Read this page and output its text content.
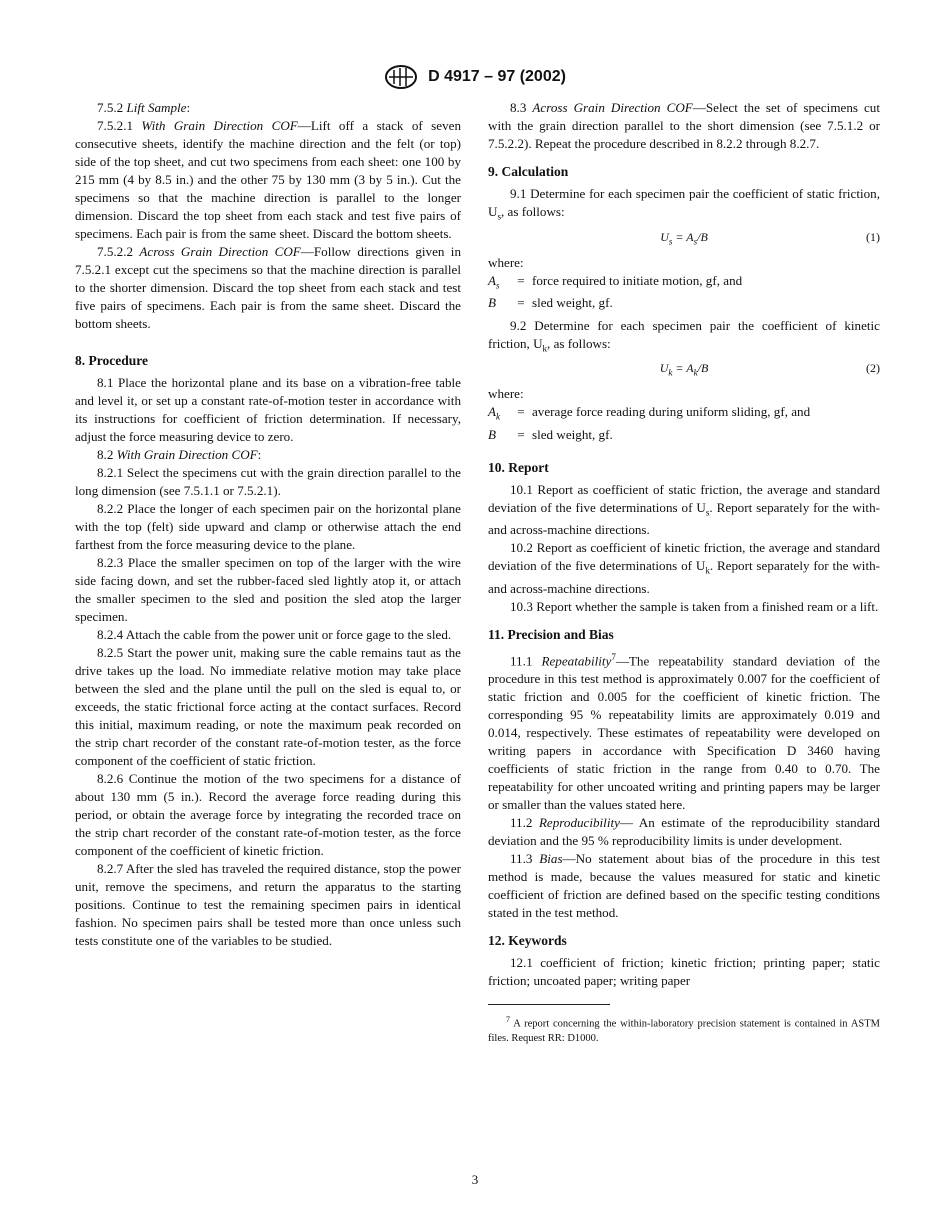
D 4917 – 97 (2002)

7.5.2 Lift Sample:

7.5.2.1 With Grain Direction COF—Lift off a stack of seven consecutive sheets, identify the machine direction and the felt (or top) side of the top sheet, and cut two specimens from each sheet: one 100 by 215 mm (4 by 8.5 in.) and the other 75 by 130 mm (3 by 5 in.). Cut the specimens so that the machine direction is parallel to the longer dimension. Discard the top sheet from each stack and test five pairs of specimens. Each pair is from the same sheet. Discard the bottom sheets.

7.5.2.2 Across Grain Direction COF—Follow directions given in 7.5.2.1 except cut the specimens so that the machine direction is parallel to the shorter dimension. Discard the top sheet from each stack and test five pairs of specimens. Each pair is from the same sheet. Discard the bottom sheets.

8. Procedure

8.1 Place the horizontal plane and its base on a vibration-free table and level it, or set up a constant rate-of-motion tester in accordance with its instructions for coefficient of friction determination. If necessary, adjust the force measuring device to zero.

8.2 With Grain Direction COF:

8.2.1 Select the specimens cut with the grain direction parallel to the long dimension (see 7.5.1.1 or 7.5.2.1).

8.2.2 Place the longer of each specimen pair on the horizontal plane with the top (felt) side upward and clamp or otherwise attach the end farthest from the force measuring device to the plane.

8.2.3 Place the smaller specimen on top of the larger with the wire side facing down, and set the rubber-faced sled lightly atop it, or attach the smaller specimen to the sled and position the sled atop the larger specimen.

8.2.4 Attach the cable from the power unit or force gage to the sled.

8.2.5 Start the power unit, making sure the cable remains taut as the drive takes up the load. No immediate relative motion may take place between the sled and the plane until the pull on the sled is equal to, or exceeds, the static frictional force acting at the contact surfaces. Record this initial, maximum reading, or note the maximum peak recorded on the strip chart recorder of the constant rate-of-motion tester, as the force component of the coefficient of static friction.

8.2.6 Continue the motion of the two specimens for a distance of about 130 mm (5 in.). Record the average force reading during this period, or obtain the average force by integrating the recorded trace on the strip chart recorder of the constant rate-of-motion tester, as the force component of the coefficient of kinetic friction.

8.2.7 After the sled has traveled the required distance, stop the power unit, remove the specimens, and return the apparatus to the starting positions. Continue to test the remaining specimen pairs in identical fashion. No specimen pairs shall be tested more than once unless such tests constitute one of the variables to be studied.

8.3 Across Grain Direction COF—Select the set of specimens cut with the grain direction parallel to the short dimension (see 7.5.1.2 or 7.5.2.2). Repeat the procedure described in 8.2.2 through 8.2.7.

9. Calculation

9.1 Determine for each specimen pair the coefficient of static friction, $U_s$, as follows:

$U_s = A_s/B$	(1)

where:

$A_s$	= force required to initiate motion, gf, and
B	= sled weight, gf.

9.2 Determine for each specimen pair the coefficient of kinetic friction, $U_k$, as follows:

$U_k = A_k/B$	(2)

where:

$A_k$	= average force reading during uniform sliding, gf, and
B	= sled weight, gf.
10. Report

10.1 Report as coefficient of static friction, the average and standard deviation of the five determinations of $U_s$. Report separately for the with- and across-machine directions.

10.2 Report as coefficient of kinetic friction, the average and standard deviation of the five determinations of $U_k$. Report separately for the with- and across-machine directions.

10.3 Report whether the sample is taken from a finished ream or a lift.

11. Precision and Bias

11.1 Repeatability$^7$—The repeatability standard deviation of the procedure in this test method is approximately 0.007 for the coefficient of static friction and 0.005 for the coefficient of kinetic friction. The corresponding 95 % repeatability limits are approximately 0.019 and 0.014, respectively. These estimates of repeatability were developed on writing papers in accordance with Specification D 3460 having coefficients of static friction in the range from 0.40 to 0.70. The repeatability for other uncoated writing and printing papers may be larger or smaller than the values stated here.

11.2 Reproducibility— An estimate of the reproducibility standard deviation and the 95 % reproducibility limits is under development.

11.3 Bias—No statement about bias of the procedure in this test method is made, because the values measured for static and kinetic coefficient of friction are defined based on the specific testing conditions stated in the test method.

12. Keywords

12.1 coefficient of friction; kinetic friction; printing paper; static friction; uncoated paper; writing paper

$^7$ A report concerning the within-laboratory precision statement is contained in ASTM files. Request RR: D1000.

3
